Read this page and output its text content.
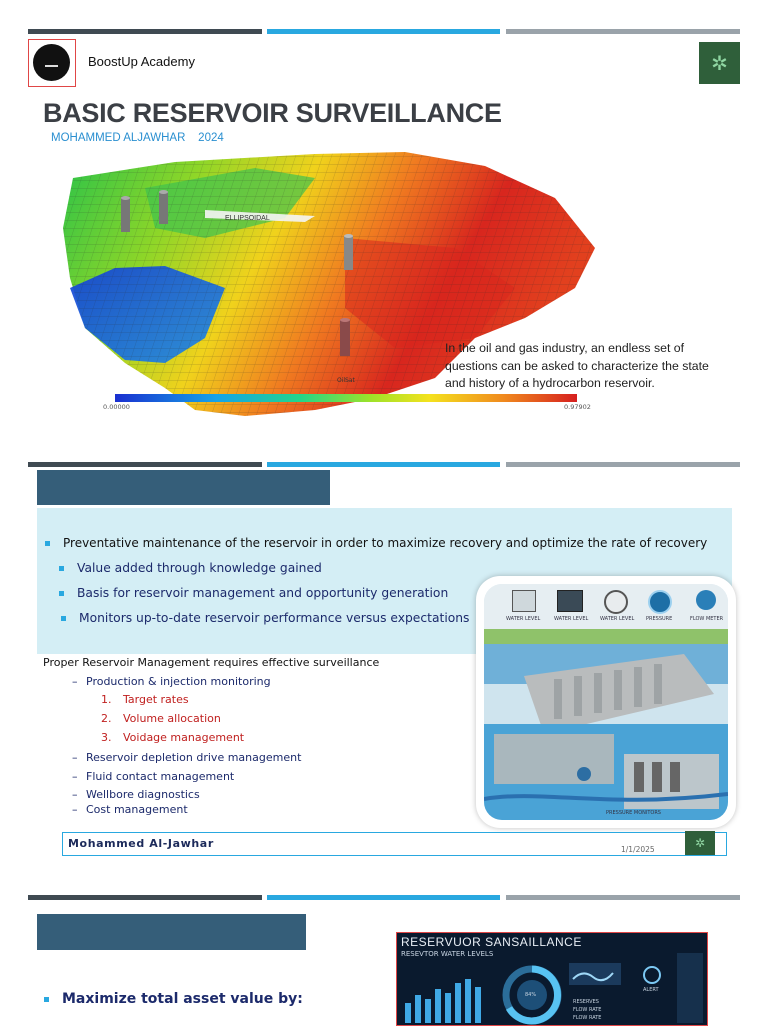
BoostUp Academy	✲
BASIC RESERVOIR SURVEILLANCE
MOHAMMED ALJAWHAR 2024
ELLIPSOIDAL
OilSat
0.00000	0.97902
In the oil and gas industry, an endless set of questions can be asked to characterize the state and history of a hydrocarbon reservoir.
Preventative maintenance of the reservoir in order to maximize recovery and optimize the rate of recovery
Value added through knowledge gained
Basis for reservoir management and opportunity generation
Monitors up-to-date reservoir performance versus expectations
Proper Reservoir Management requires effective surveillance
– Production & injection monitoring
1. Target rates
2. Volume allocation
3. Voidage management
– Reservoir depletion drive management
– Fluid contact management
– Wellbore diagnostics
– Cost management
WATER LEVEL	WATER LEVEL WATER LEVEL PRESSURE	FLOW METER
PRESSURE MONITORS
Mohammed Al-Jawhar	1/1/2025	✲
Maximize total asset value by:
RESERVUOR SANSAILLANCE
RESEVTOR WATER LEVELS
84%
RESERVES
FLOW RATE
FLOW RATE
ALERT
